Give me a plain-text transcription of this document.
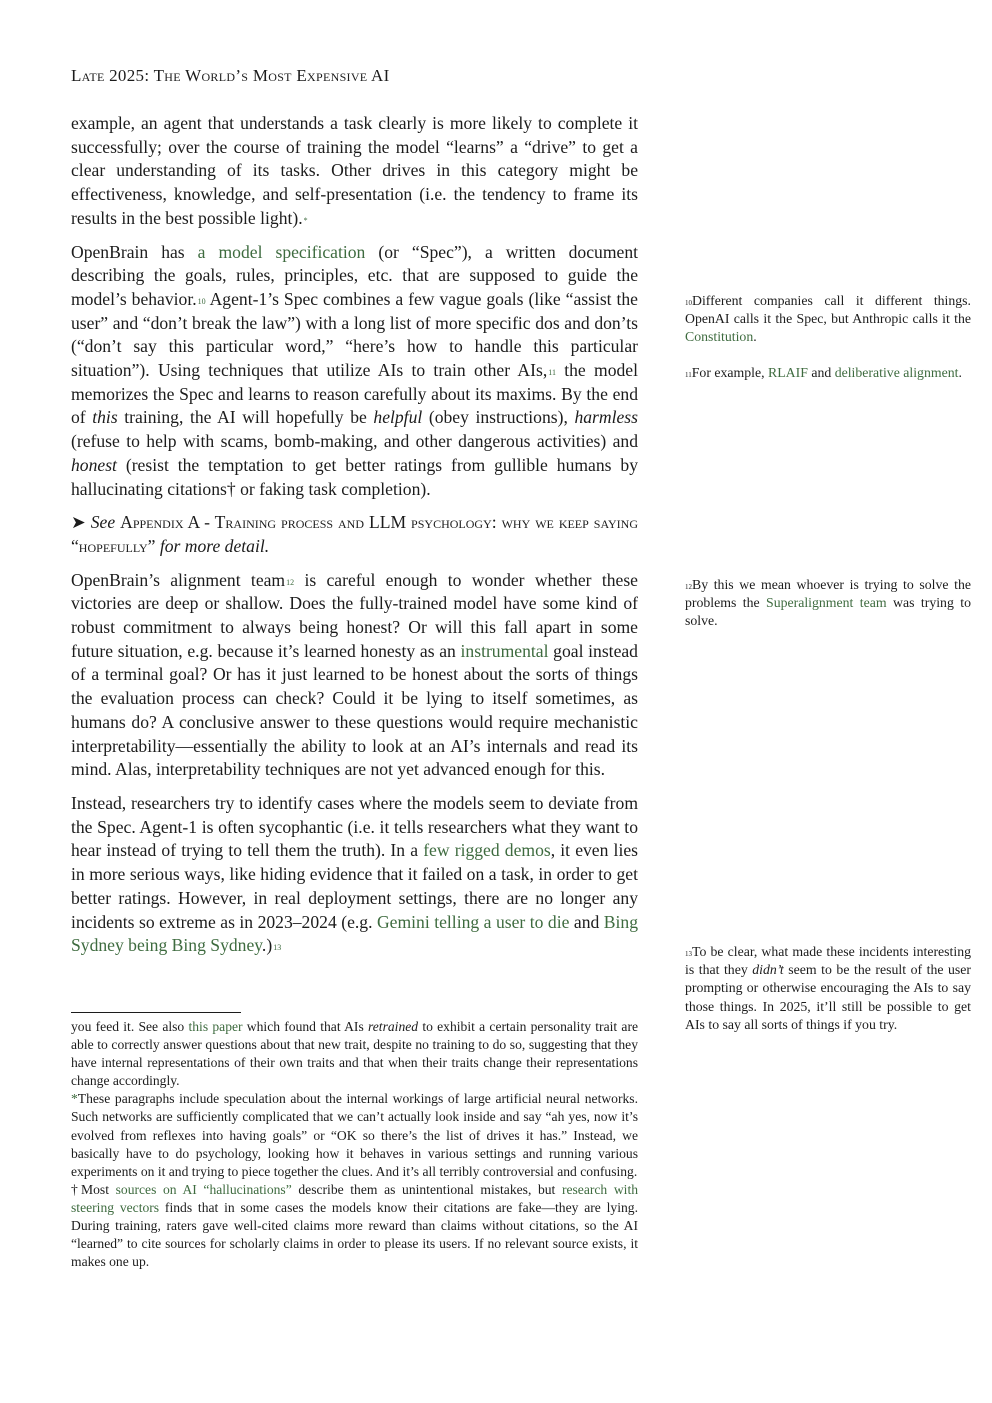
Late 2025: The World’s Most Expensive AI

example, an agent that understands a task clearly is more likely to complete it successfully; over the course of training the model “learns” a “drive” to get a clear understanding of its tasks. Other drives in this category might be effectiveness, knowledge, and self-presentation (i.e. the tendency to frame its results in the best possible light).*

OpenBrain has a model specification (or “Spec”), a written document describing the goals, rules, principles, etc. that are supposed to guide the model’s behavior.$^{10}$ Agent-1’s Spec combines a few vague goals (like “assist the user” and “don’t break the law”) with a long list of more specific dos and don’ts (“don’t say this particular word,” “here’s how to handle this particular situation”). Using techniques that utilize AIs to train other AIs,$^{11}$ the model memorizes the Spec and learns to reason carefully about its maxims. By the end of this training, the AI will hopefully be helpful (obey instructions), harmless (refuse to help with scams, bomb-making, and other dangerous activities) and honest (resist the temptation to get better ratings from gullible humans by hallucinating citations† or faking task completion).

➤ See Appendix A - Training process and LLM psychology: why we keep saying “hopefully” for more detail.

OpenBrain’s alignment team$^{12}$ is careful enough to wonder whether these victories are deep or shallow. Does the fully-trained model have some kind of robust commitment to always being honest? Or will this fall apart in some future situation, e.g. because it’s learned honesty as an instrumental goal instead of a terminal goal? Or has it just learned to be honest about the sorts of things the evaluation process can check? Could it be lying to itself sometimes, as humans do? A conclusive answer to these questions would require mechanistic interpretability—essentially the ability to look at an AI’s internals and read its mind. Alas, interpretability techniques are not yet advanced enough for this.

Instead, researchers try to identify cases where the models seem to deviate from the Spec. Agent-1 is often sycophantic (i.e. it tells researchers what they want to hear instead of trying to tell them the truth). In a few rigged demos, it even lies in more serious ways, like hiding evidence that it failed on a task, in order to get better ratings. However, in real deployment settings, there are no longer any incidents so extreme as in 2023–2024 (e.g. Gemini telling a user to die and Bing Sydney being Bing Sydney.)$^{13}$

you feed it. See also this paper which found that AIs retrained to exhibit a certain personality trait are able to correctly answer questions about that new trait, despite no training to do so, suggesting that they have internal representations of their own traits and that when their traits change their representations change accordingly.

*These paragraphs include speculation about the internal workings of large artificial neural networks. Such networks are sufficiently complicated that we can’t actually look inside and say “ah yes, now it’s evolved from reflexes into having goals” or “OK so there’s the list of drives it has.” Instead, we basically have to do psychology, looking how it behaves in various settings and running various experiments on it and trying to piece together the clues. And it’s all terribly controversial and confusing.

†Most sources on AI “hallucinations” describe them as unintentional mistakes, but research with steering vectors finds that in some cases the models know their citations are fake—they are lying. During training, raters gave well-cited claims more reward than claims without citations, so the AI “learned” to cite sources for scholarly claims in order to please its users. If no relevant source exists, it makes one up.

$^{10}$Different companies call it different things. OpenAI calls it the Spec, but Anthropic calls it the Constitution.
$^{11}$For example, RLAIF and deliberative alignment.
$^{12}$By this we mean whoever is trying to solve the problems the Superalignment team was trying to solve.
$^{13}$To be clear, what made these incidents interesting is that they didn’t seem to be the result of the user prompting or otherwise encouraging the AIs to say those things. In 2025, it’ll still be possible to get AIs to say all sorts of things if you try.
